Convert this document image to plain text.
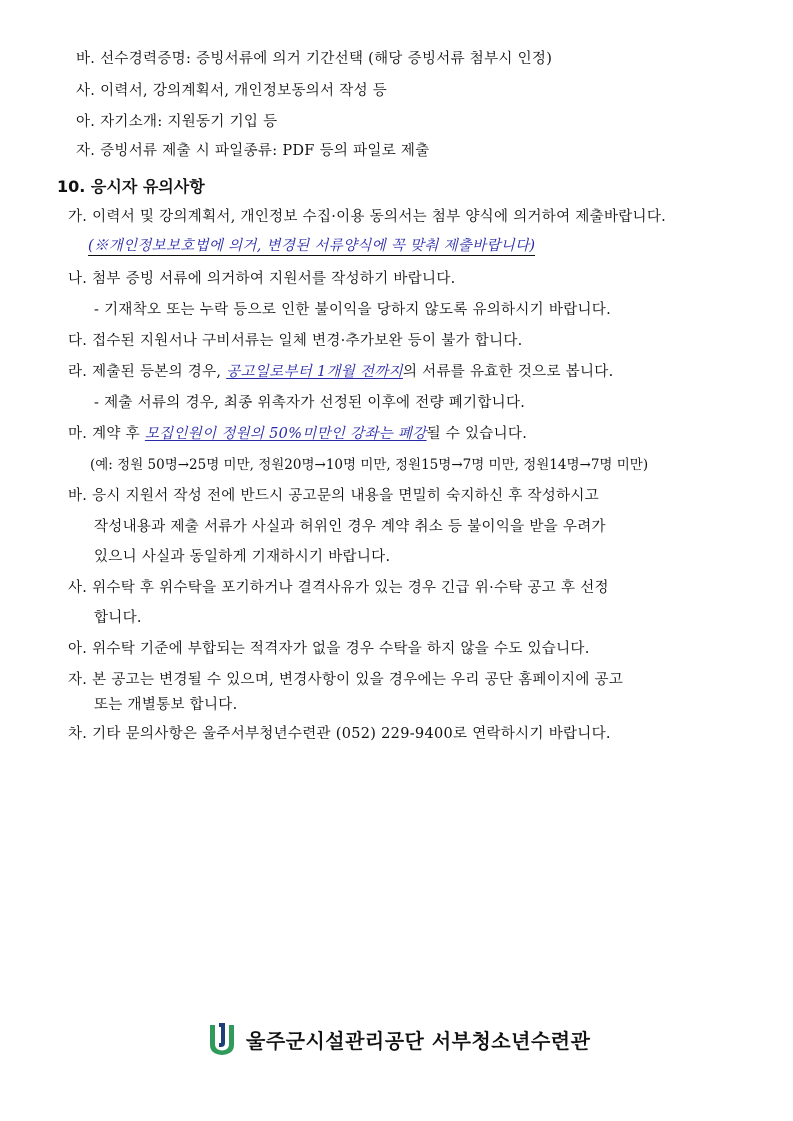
바. 선수경력증명: 증빙서류에 의거 기간선택 (해당 증빙서류 첨부시 인정)
사. 이력서, 강의계획서, 개인정보동의서 작성 등
아. 자기소개: 지원동기 기입 등
자. 증빙서류 제출 시 파일종류: PDF 등의 파일로 제출
10. 응시자 유의사항
가. 이력서 및 강의계획서, 개인정보 수집·이용 동의서는 첨부 양식에 의거하여 제출바랍니다.
(※개인정보보호법에 의거, 변경된 서류양식에 꼭 맞춰 제출바랍니다)
나. 첨부 증빙 서류에 의거하여 지원서를 작성하기 바랍니다.
- 기재착오 또는 누락 등으로 인한 불이익을 당하지 않도록 유의하시기 바랍니다.
다. 접수된 지원서나 구비서류는 일체 변경·추가보완 등이 불가 합니다.
라. 제출된 등본의 경우, 공고일로부터 1개월 전까지의 서류를 유효한 것으로 봅니다.
- 제출 서류의 경우, 최종 위촉자가 선정된 이후에 전량 폐기합니다.
마. 계약 후 모집인원이 정원의 50%미만인 강좌는 폐강될 수 있습니다.
(예: 정원 50명→25명 미만, 정원20명→10명 미만, 정원15명→7명 미만, 정원14명→7명 미만)
바. 응시 지원서 작성 전에 반드시 공고문의 내용을 면밀히 숙지하신 후 작성하시고
작성내용과 제출 서류가 사실과 허위인 경우 계약 취소 등 불이익을 받을 우려가
있으니 사실과 동일하게 기재하시기 바랍니다.
사. 위수탁 후 위수탁을 포기하거나 결격사유가 있는 경우 긴급 위·수탁 공고 후 선정
합니다.
아. 위수탁 기준에 부합되는 적격자가 없을 경우 수탁을 하지 않을 수도 있습니다.
자. 본 공고는 변경될 수 있으며, 변경사항이 있을 경우에는 우리 공단 홈페이지에 공고
또는 개별통보 합니다.
차. 기타 문의사항은 울주서부청년수련관 (052) 229-9400로 연락하시기 바랍니다.
울주군시설관리공단 서부청소년수련관
